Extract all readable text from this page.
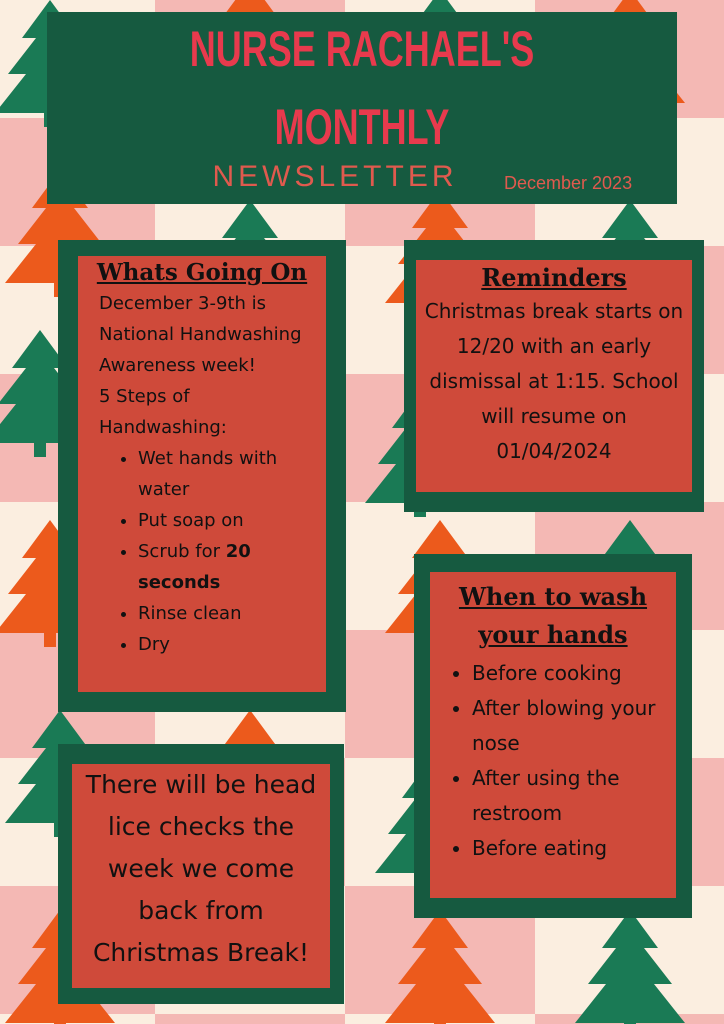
NURSE RACHAEL'S
MONTHLY
NEWSLETTER	December 2023
Whats Going On
December 3-9th is National Handwashing Awareness week!
5 Steps of Handwashing:
• Wet hands with water
• Put soap on
• Scrub for 20 seconds
• Rinse clean
• Dry
Reminders
Christmas break starts on 12/20 with an early dismissal at 1:15. School will resume on 01/04/2024
When to wash your hands
• Before cooking
• After blowing your nose
• After using the restroom
• Before eating
There will be head lice checks the week we come back from Christmas Break!
